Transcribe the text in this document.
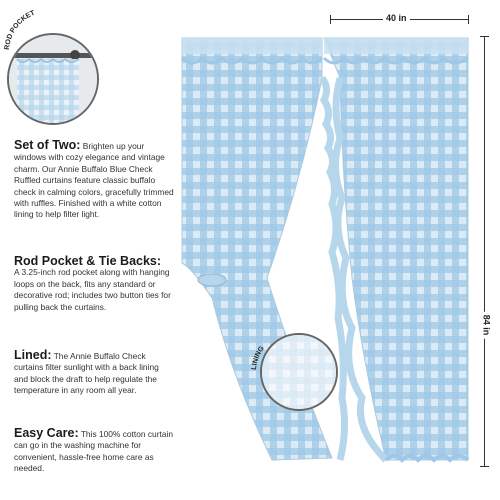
ROD POCKET
Set of Two: Brighten up your windows with cozy elegance and vintage charm. Our Annie Buffalo Blue Check Ruffled curtains feature classic buffalo check in calming colors, gracefully trimmed with ruffles. Finished with a white cotton lining to help filter light.
Rod Pocket & Tie Backs:
A 3.25-inch rod pocket along with hanging loops on the back, fits any standard or decorative rod; includes two button ties for pulling back the curtains.
Lined: The Annie Buffalo Check curtains filter sunlight with a back lining and block the draft to help regulate the temperature in any room all year.
Easy Care: This 100% cotton curtain can go in the washing machine for convenient, hassle-free home care as needed.
40 in
84 in
LINING
